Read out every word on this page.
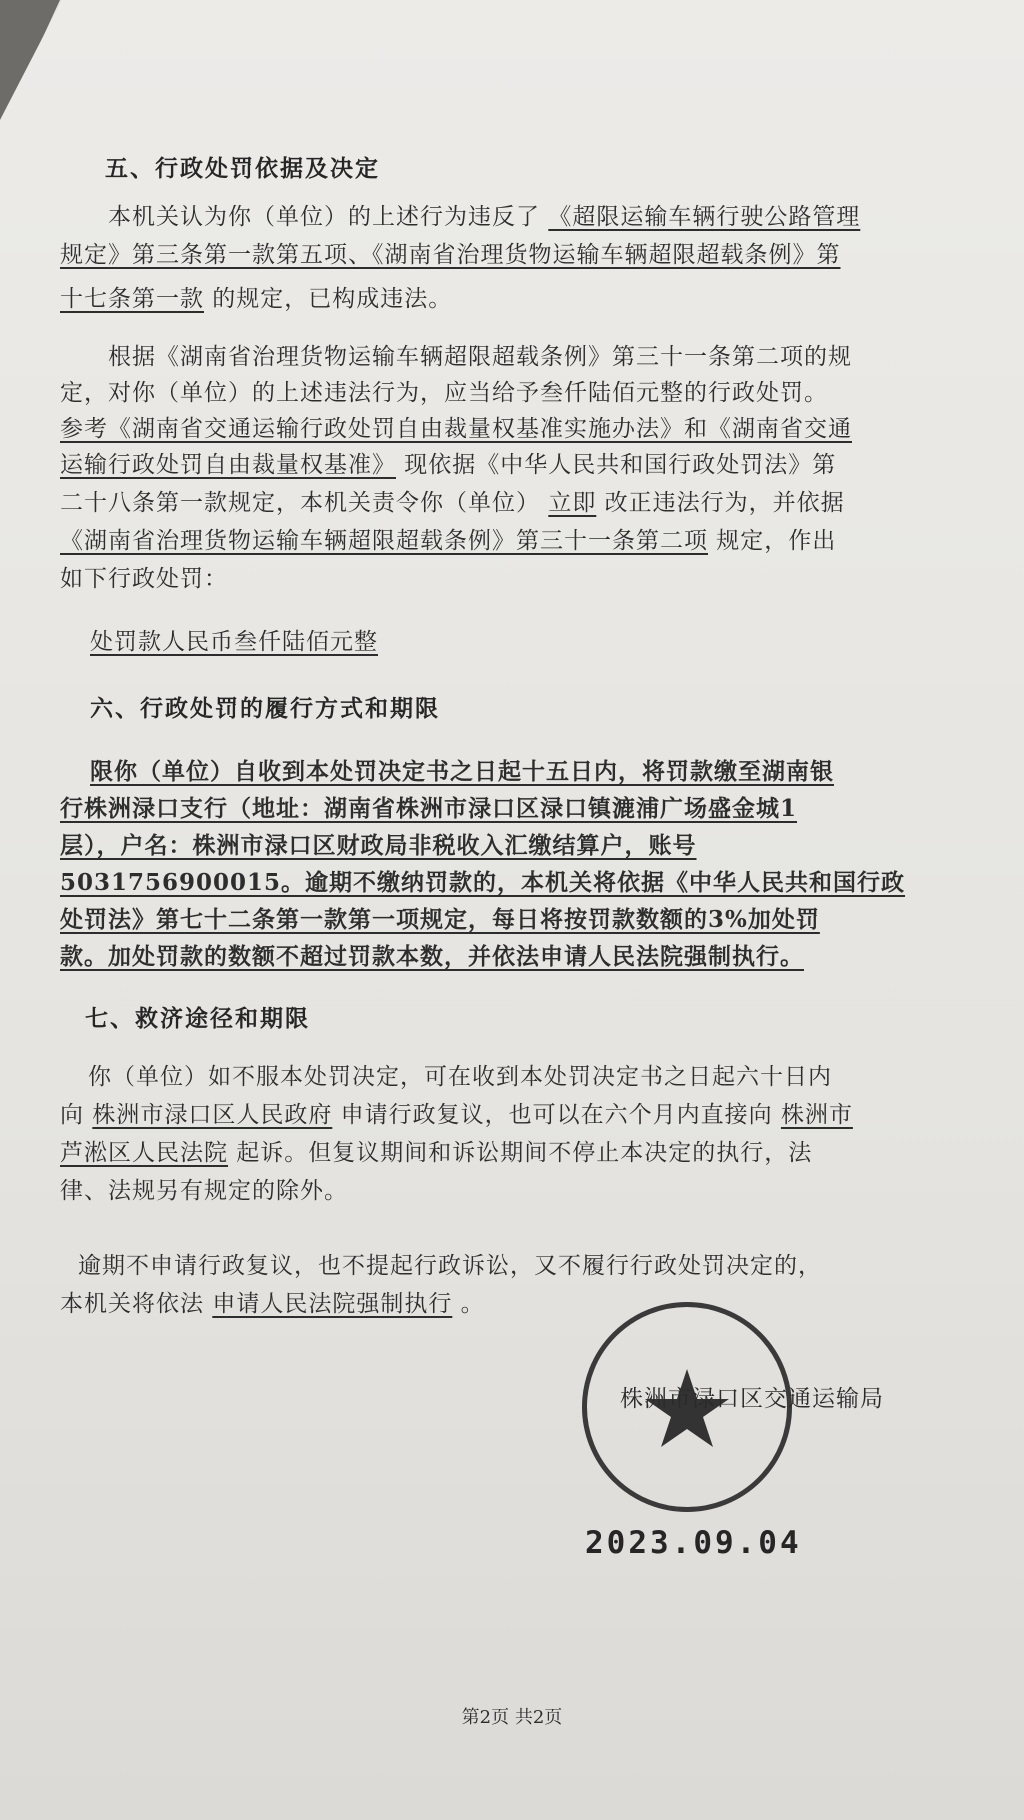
五、行政处罚依据及决定
本机关认为你（单位）的上述行为违反了 《超限运输车辆行驶公路管理
规定》第三条第一款第五项、《湖南省治理货物运输车辆超限超载条例》第
十七条第一款 的规定，已构成违法。
根据《湖南省治理货物运输车辆超限超载条例》第三十一条第二项的规
定，对你（单位）的上述违法行为，应当给予叁仟陆佰元整的行政处罚。
参考《湖南省交通运输行政处罚自由裁量权基准实施办法》和《湖南省交通
运输行政处罚自由裁量权基准》 现依据《中华人民共和国行政处罚法》第
二十八条第一款规定，本机关责令你（单位） 立即 改正违法行为，并依据
《湖南省治理货物运输车辆超限超载条例》第三十一条第二项 规定，作出
如下行政处罚：
处罚款人民币叁仟陆佰元整
六、行政处罚的履行方式和期限
限你（单位）自收到本处罚决定书之日起十五日内，将罚款缴至湖南银
行株洲渌口支行（地址：湖南省株洲市渌口区渌口镇漉浦广场盛金城1
层），户名：株洲市渌口区财政局非税收入汇缴结算户，账号
5031756900015。逾期不缴纳罚款的，本机关将依据《中华人民共和国行政
处罚法》第七十二条第一款第一项规定，每日将按罚款数额的3%加处罚
款。加处罚款的数额不超过罚款本数，并依法申请人民法院强制执行。
七、救济途径和期限
你（单位）如不服本处罚决定，可在收到本处罚决定书之日起六十日内
向 株洲市渌口区人民政府 申请行政复议，也可以在六个月内直接向 株洲市
芦淞区人民法院 起诉。但复议期间和诉讼期间不停止本决定的执行，法
律、法规另有规定的除外。
逾期不申请行政复议，也不提起行政诉讼，又不履行行政处罚决定的，
本机关将依法 申请人民法院强制执行 。
株洲市渌口区交通运输局
2023.09.04
第2页 共2页
